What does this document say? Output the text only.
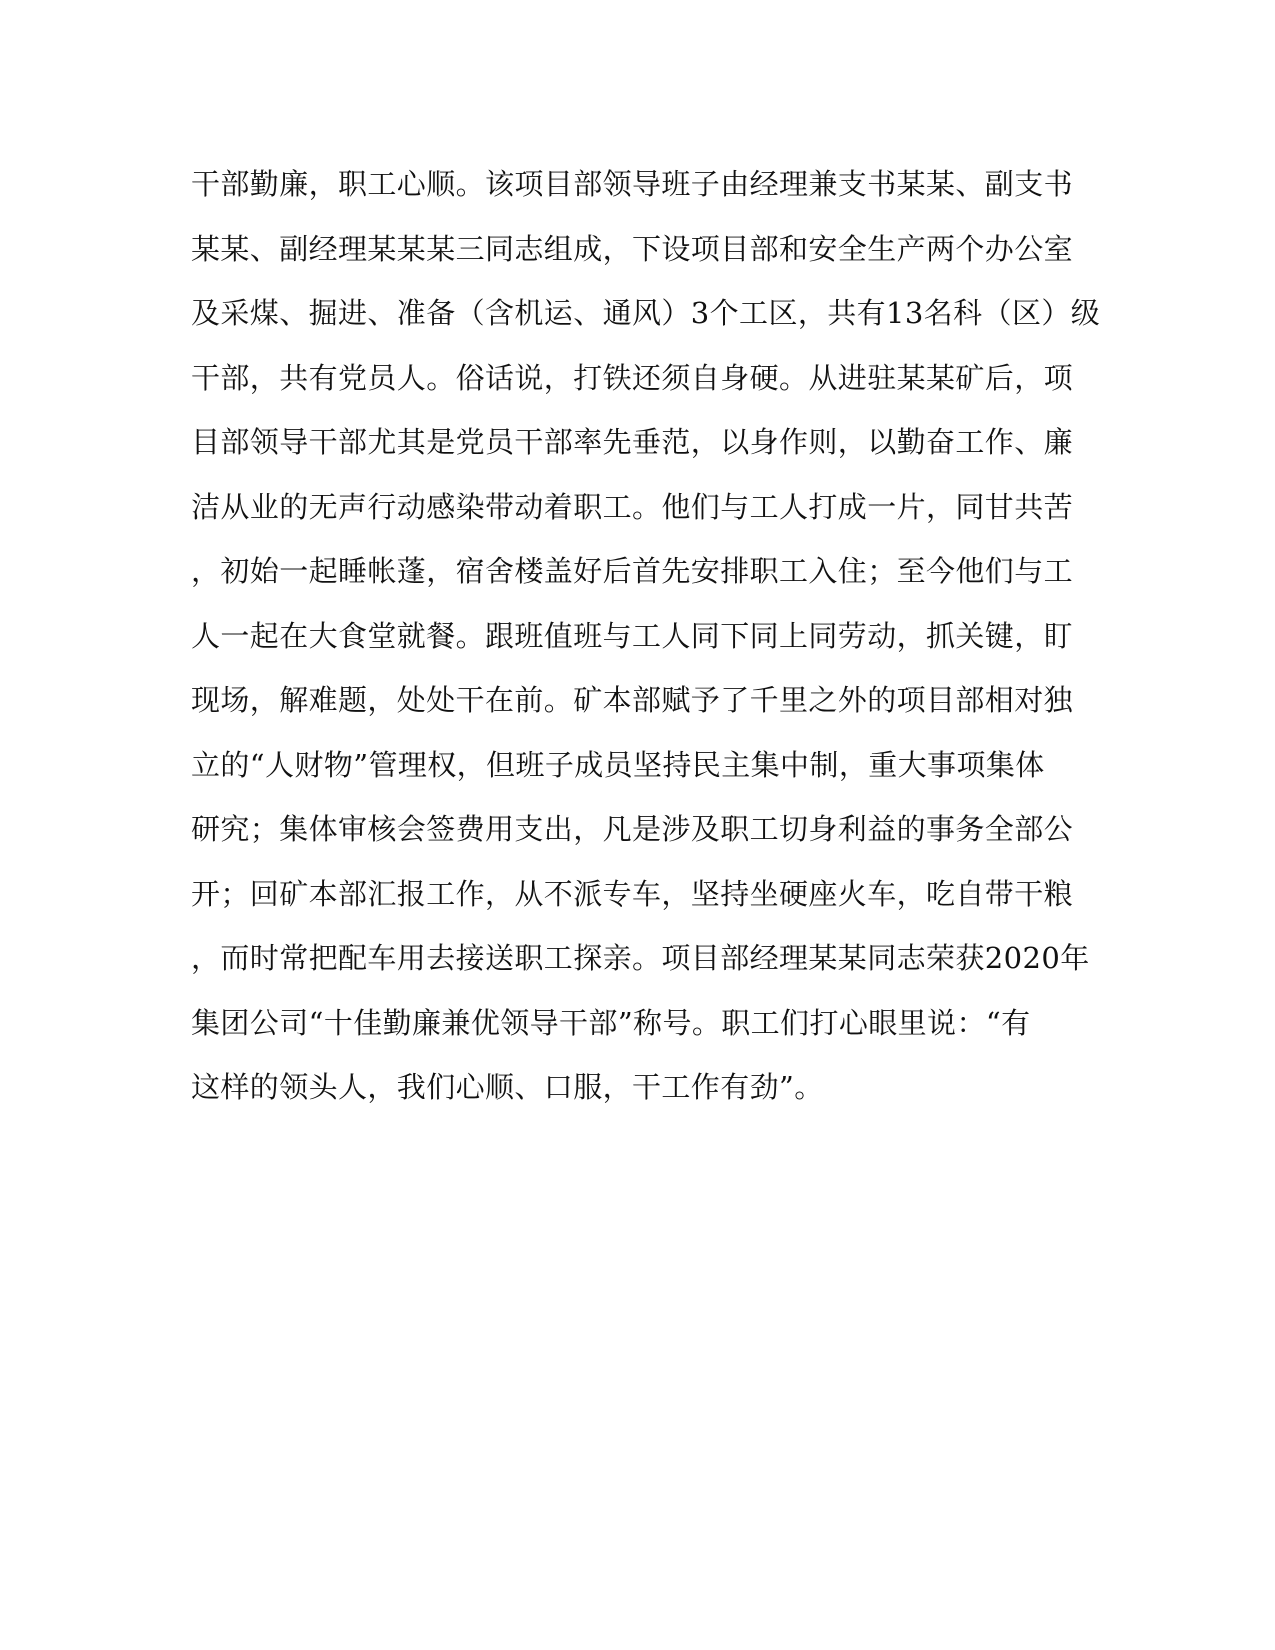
干部勤廉，职工心顺。该项目部领导班子由经理兼支书某某、副支书
某某、副经理某某某三同志组成，下设项目部和安全生产两个办公室
及采煤、掘进、准备（含机运、通风）3个工区，共有13名科（区）级
干部，共有党员人。俗话说，打铁还须自身硬。从进驻某某矿后，项
目部领导干部尤其是党员干部率先垂范，以身作则，以勤奋工作、廉
洁从业的无声行动感染带动着职工。他们与工人打成一片，同甘共苦
，初始一起睡帐蓬，宿舍楼盖好后首先安排职工入住；至今他们与工
人一起在大食堂就餐。跟班值班与工人同下同上同劳动，抓关键，盯
现场，解难题，处处干在前。矿本部赋予了千里之外的项目部相对独
立的“人财物”管理权，但班子成员坚持民主集中制，重大事项集体
研究；集体审核会签费用支出，凡是涉及职工切身利益的事务全部公
开；回矿本部汇报工作，从不派专车，坚持坐硬座火车，吃自带干粮
，而时常把配车用去接送职工探亲。项目部经理某某同志荣获2020年
集团公司“十佳勤廉兼优领导干部”称号。职工们打心眼里说：“有
这样的领头人，我们心顺、口服，干工作有劲”。
